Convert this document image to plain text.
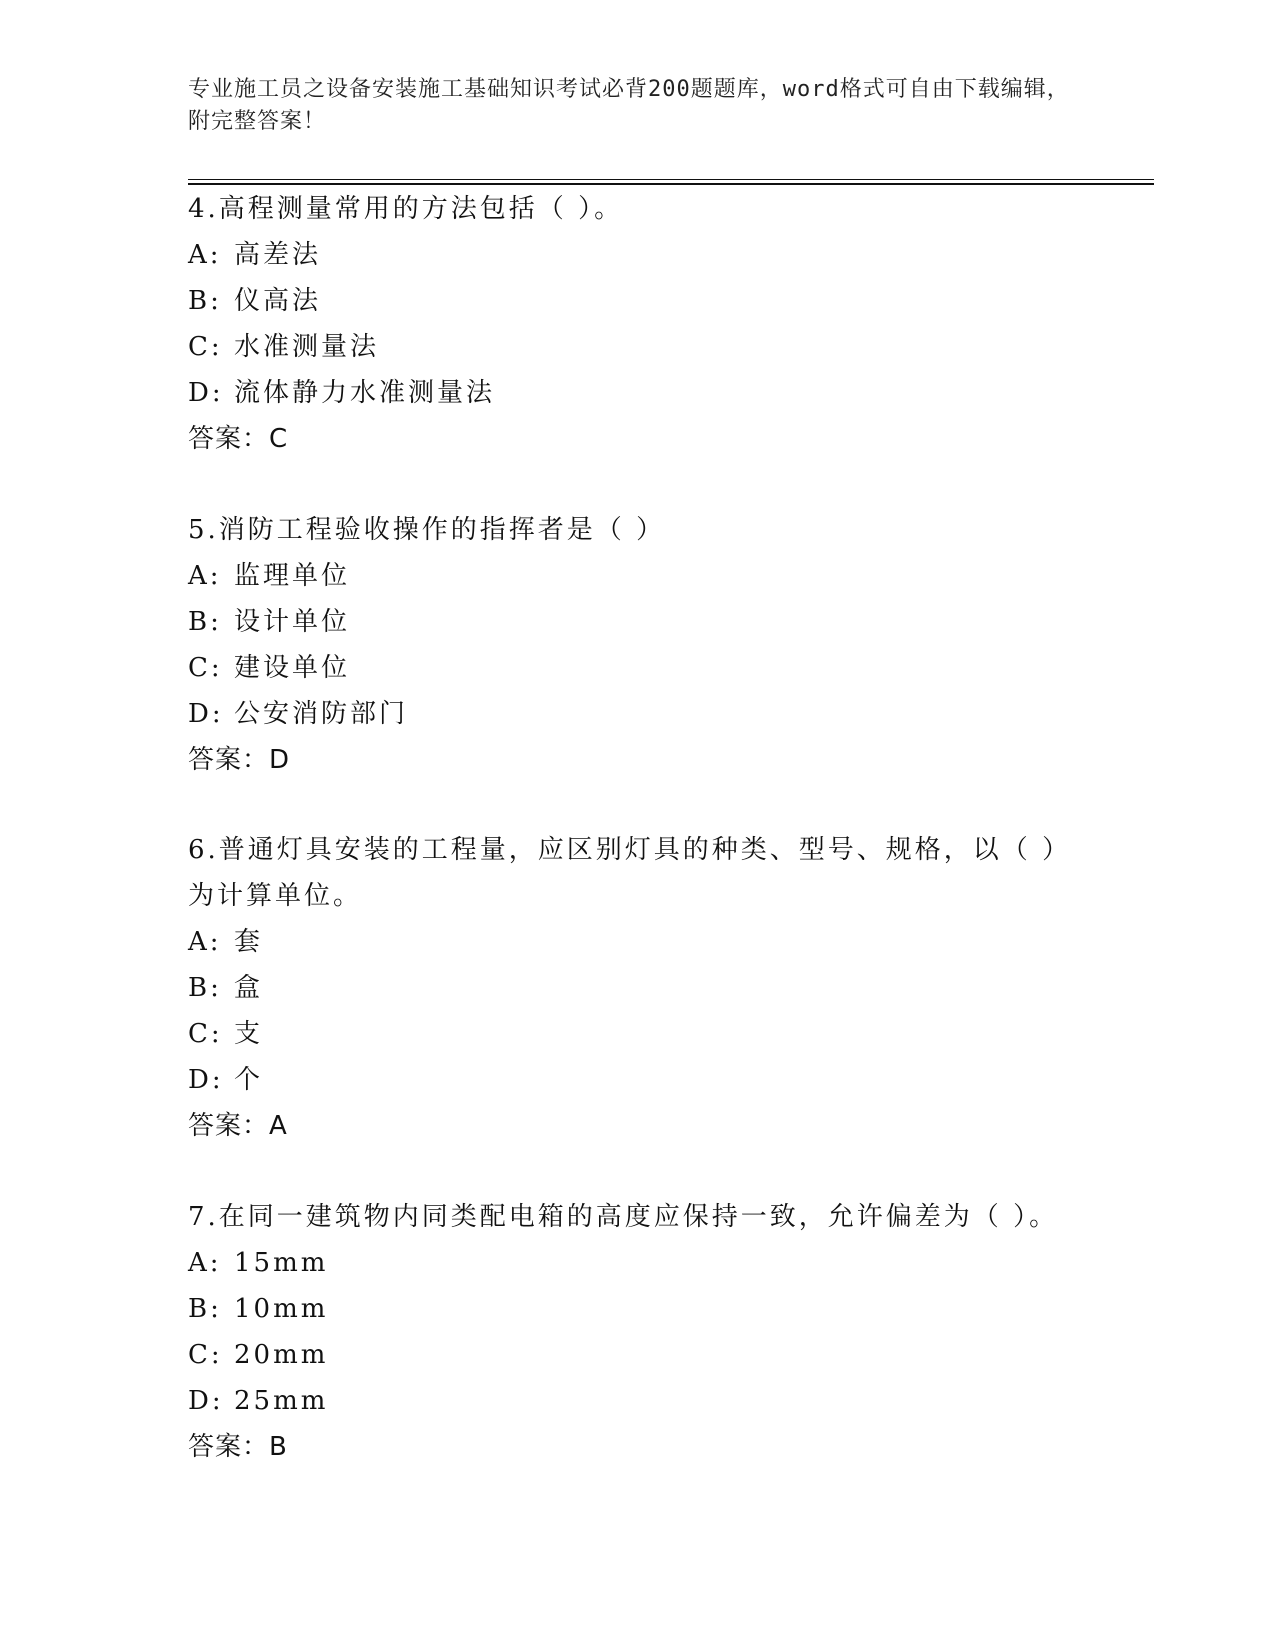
专业施工员之设备安装施工基础知识考试必背200题题库，word格式可自由下载编辑，附完整答案！
4.高程测量常用的方法包括（ ）。
A: 高差法
B: 仪高法
C: 水准测量法
D: 流体静力水准测量法
答案：C
5.消防工程验收操作的指挥者是（ ）
A: 监理单位
B: 设计单位
C: 建设单位
D: 公安消防部门
答案：D
6.普通灯具安装的工程量，应区别灯具的种类、型号、规格，以（ ）为计算单位。
A: 套
B: 盒
C: 支
D: 个
答案：A
7.在同一建筑物内同类配电箱的高度应保持一致，允许偏差为（ ）。
A: 15mm
B: 10mm
C: 20mm
D: 25mm
答案：B
